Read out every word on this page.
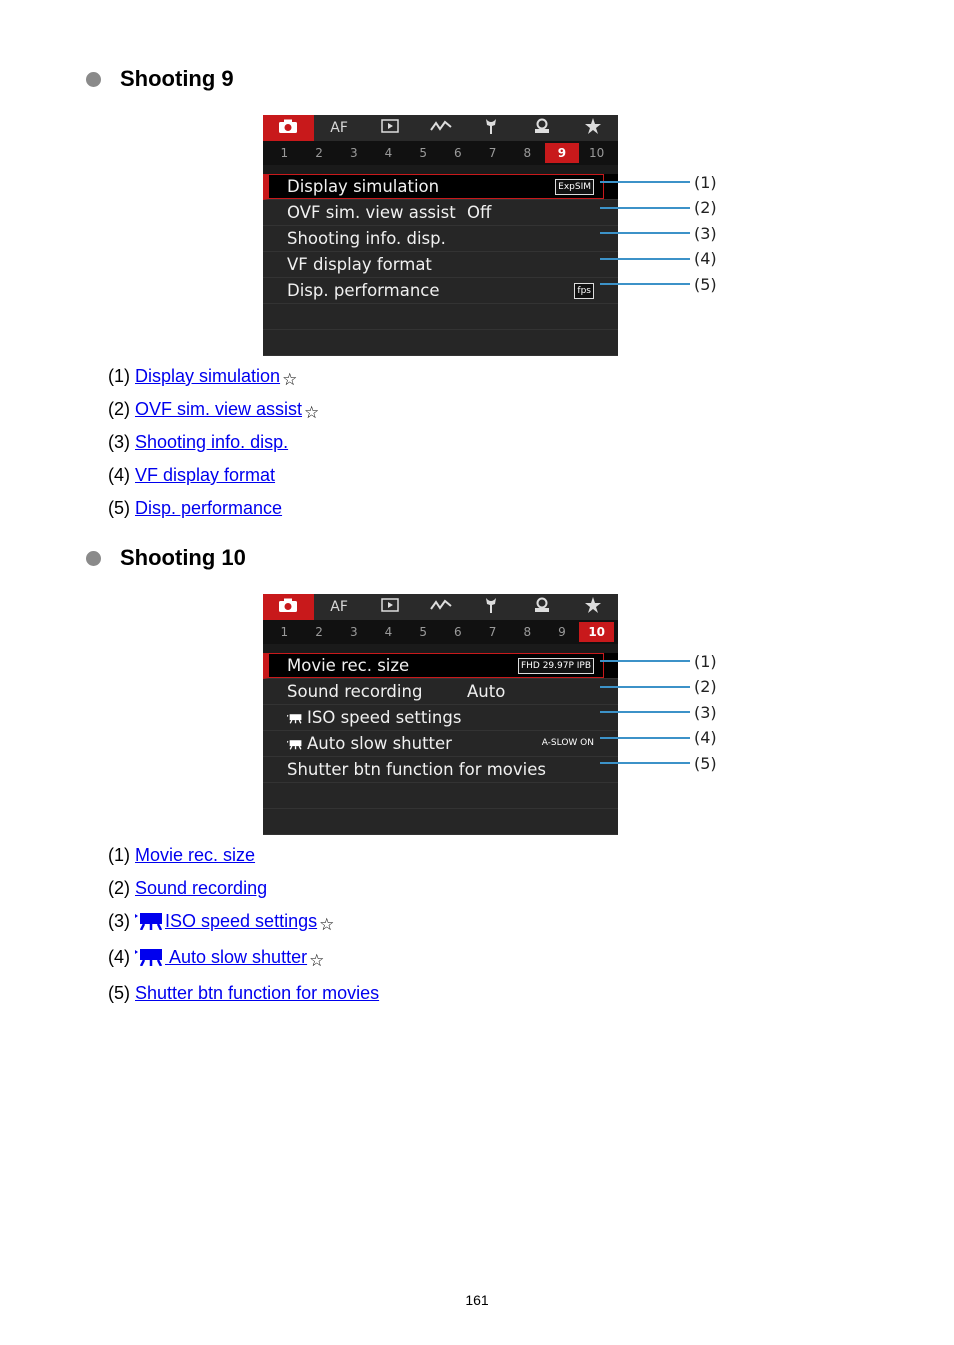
Shooting 9
AF
1	2	3	4	5	6	7	8	9	10
Display simulation	ExpSIM
OVF sim. view assist Off
Shooting info. disp.
VF display format
Disp. performance	fps
(1)
(2)
(3)
(4)
(5)
(1) Display simulation ☆
(2) OVF sim. view assist ☆
(3) Shooting info. disp.
(4) VF display format
(5) Disp. performance
Shooting 10
AF
1	2	3	4	5	6	7	8	9	10
Movie rec. size	FHD 29.97P IPB
Sound recording	Auto
ISO speed settings
Auto slow shutter	A-SLOW ON
Shutter btn function for movies
(1)
(2)
(3)
(4)
(5)
(1) Movie rec. size
(2) Sound recording
(3) ISO speed settings ☆
(4)  Auto slow shutter ☆
(5) Shutter btn function for movies
161
